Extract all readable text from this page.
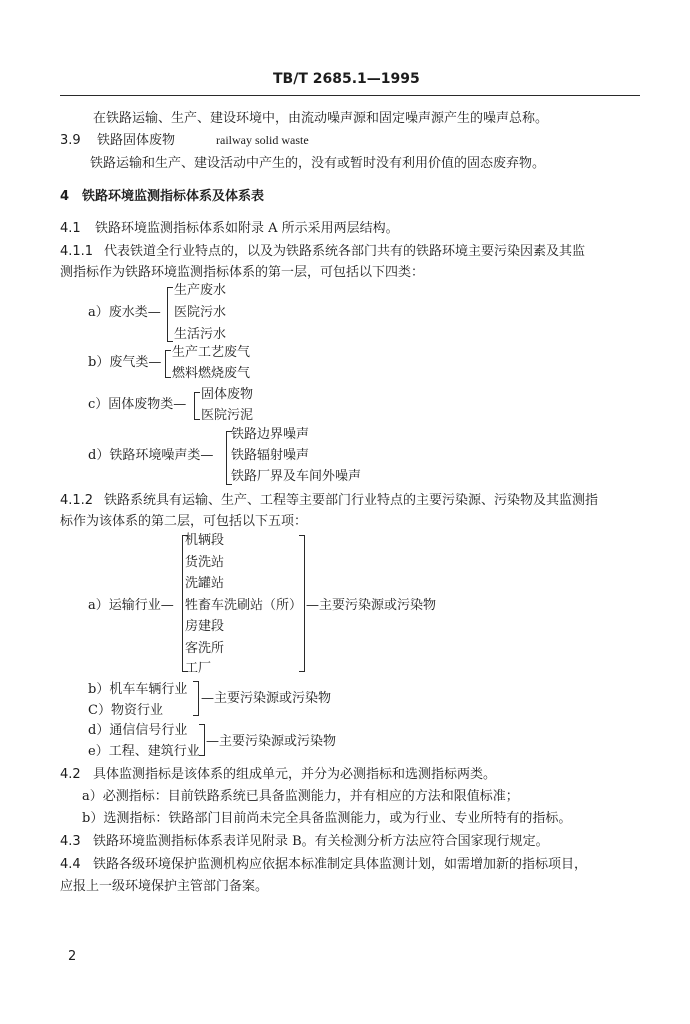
TB/T 2685.1—1995
在铁路运输、生产、建设环境中，由流动噪声源和固定噪声源产生的噪声总称。
3.9 铁路固体废物	railway solid waste
铁路运输和生产、建设活动中产生的，没有或暂时没有利用价值的固态废弃物。
4 铁路环境监测指标体系及体系表
4.1 铁路环境监测指标体系如附录 A 所示采用两层结构。
4.1.1 代表铁道全行业特点的，以及为铁路系统各部门共有的铁路环境主要污染因素及其监
测指标作为铁路环境监测指标体系的第一层，可包括以下四类：
a）废水类—
生产废水
医院污水
生活污水
b）废气类—
生产工艺废气
燃料燃烧废气
c）固体废物类—
固体废物
医院污泥
d）铁路环境噪声类—
铁路边界噪声
铁路辐射噪声
铁路厂界及车间外噪声
4.1.2 铁路系统具有运输、生产、工程等主要部门行业特点的主要污染源、污染物及其监测指
标作为该体系的第二层，可包括以下五项：
a）运输行业—
机辆段
货洗站
洗罐站
牲畜车洗刷站（所）
房建段
客洗所
工厂
—主要污染源或污染物
b）机车车辆行业
C）物资行业
—主要污染源或污染物
d）通信信号行业
e）工程、建筑行业
—主要污染源或污染物
4.2 具体监测指标是该体系的组成单元，并分为必测指标和选测指标两类。
a）必测指标：目前铁路系统已具备监测能力，并有相应的方法和限值标准；
b）选测指标：铁路部门目前尚未完全具备监测能力，或为行业、专业所特有的指标。
4.3 铁路环境监测指标体系表详见附录 B。有关检测分析方法应符合国家现行规定。
4.4 铁路各级环境保护监测机构应依据本标准制定具体监测计划，如需增加新的指标项目，
应报上一级环境保护主管部门备案。
2
